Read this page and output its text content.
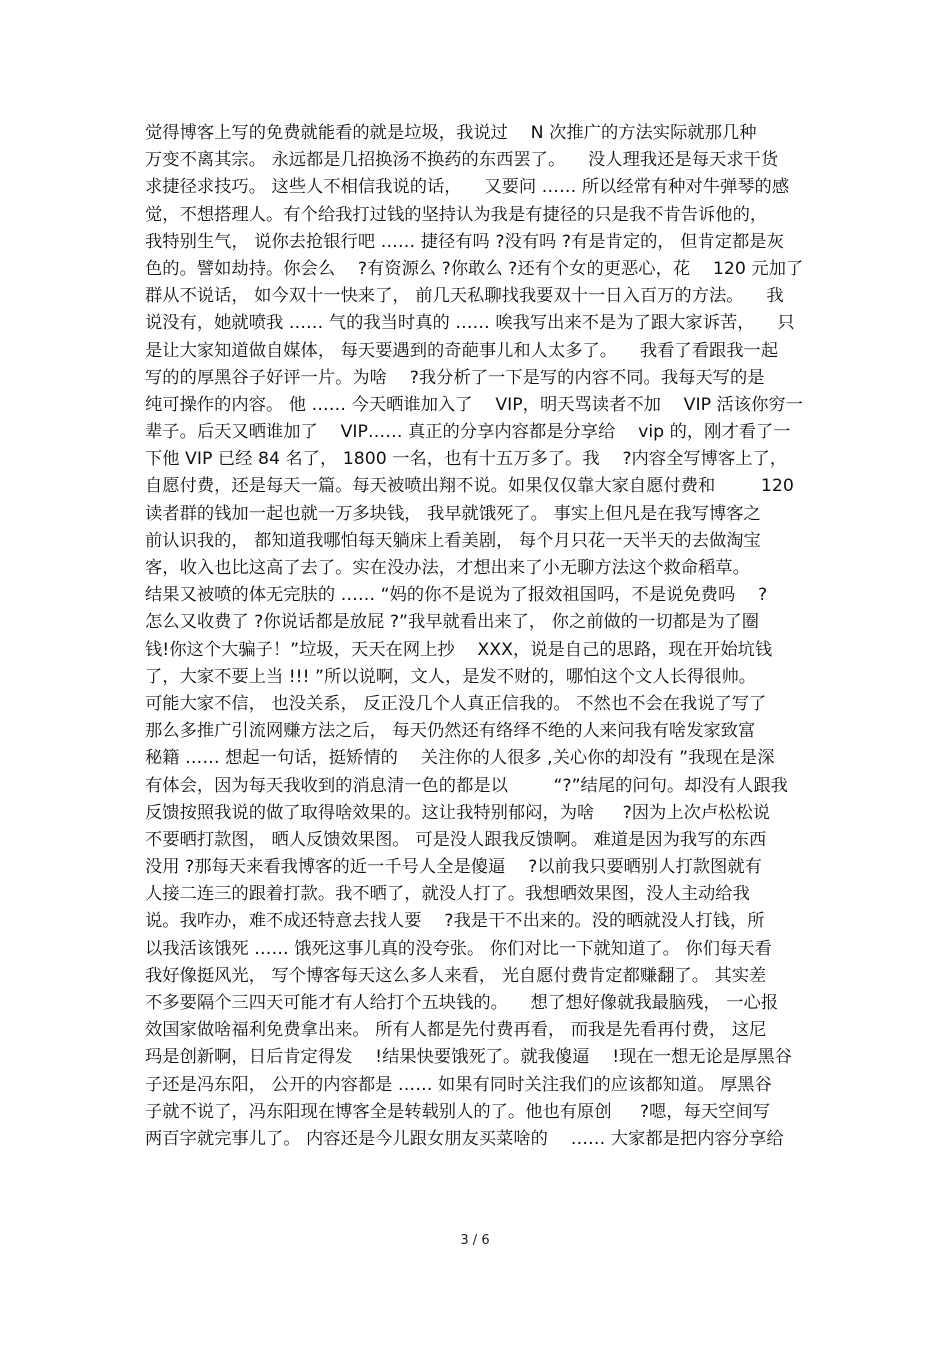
觉得博客上写的免费就能看的就是垃圾，我说过 　N 次推广的方法实际就那几种
万变不离其宗。 永远都是几招换汤不换药的东西罢了。 　没人理我还是每天求干货
求捷径求技巧。 这些人不相信我说的话， 　又要问 …… 所以经常有种对牛弹琴的感
觉，不想搭理人。有个给我打过钱的坚持认为我是有捷径的只是我不肯告诉他的，
我特别生气， 说你去抢银行吧 …… 捷径有吗 ?没有吗 ?有是肯定的， 但肯定都是灰
色的。譬如劫持。你会么 　?有资源么 ?你敢么 ?还有个女的更恶心，花 　120 元加了
群从不说话， 如今双十一快来了， 前几天私聊找我要双十一日入百万的方法。 　我
说没有，她就喷我 …… 气的我当时真的 …… 唉我写出来不是为了跟大家诉苦， 　只
是让大家知道做自媒体， 每天要遇到的奇葩事儿和人太多了。 　我看了看跟我一起
写的的厚黑谷子好评一片。为啥 　?我分析了一下是写的内容不同。我每天写的是
纯可操作的内容。 他 …… 今天晒谁加入了 　VIP，明天骂读者不加 　VIP 活该你穷一
辈子。后天又晒谁加了 　VIP…… 真正的分享内容都是分享给 　vip 的，刚才看了一
下他 VIP 已经 84 名了， 1800 一名，也有十五万多了。我 　?内容全写博客上了，
自愿付费，还是每天一篇。每天被喷出翔不说。如果仅仅靠大家自愿付费和 　 　120
读者群的钱加一起也就一万多块钱， 我早就饿死了。 事实上但凡是在我写博客之
前认识我的， 都知道我哪怕每天躺床上看美剧， 每个月只花一天半天的去做淘宝
客，收入也比这高了去了。实在没办法，才想出来了小无聊方法这个救命稻草。
结果又被喷的体无完肤的 …… “妈的你不是说为了报效祖国吗，不是说免费吗 　?
怎么又收费了 ?你说话都是放屁 ?”我早就看出来了， 你之前做的一切都是为了圈
钱!你这个大骗子！”垃圾，天天在网上抄 　XXX，说是自己的思路，现在开始坑钱
了，大家不要上当 !!! ”所以说啊，文人，是发不财的，哪怕这个文人长得很帅。
可能大家不信， 也没关系， 反正没几个人真正信我的。 不然也不会在我说了写了
那么多推广引流网赚方法之后， 每天仍然还有络绎不绝的人来问我有啥发家致富
秘籍 …… 想起一句话，挺矫情的 　关注你的人很多 ,关心你的却没有 ”我现在是深
有体会，因为每天我收到的消息清一色的都是以 　 　“?”结尾的问句。却没有人跟我
反馈按照我说的做了取得啥效果的。这让我特别郁闷，为啥 　 ?因为上次卢松松说
不要晒打款图， 晒人反馈效果图。 可是没人跟我反馈啊。 难道是因为我写的东西
没用 ?那每天来看我博客的近一千号人全是傻逼 　?以前我只要晒别人打款图就有
人接二连三的跟着打款。我不晒了，就没人打了。我想晒效果图，没人主动给我
说。我咋办，难不成还特意去找人要 　?我是干不出来的。没的晒就没人打钱，所
以我活该饿死 …… 饿死这事儿真的没夸张。 你们对比一下就知道了。 你们每天看
我好像挺风光， 写个博客每天这么多人来看， 光自愿付费肯定都赚翻了。 其实差
不多要隔个三四天可能才有人给打个五块钱的。 　想了想好像就我最脑残， 一心报
效国家做啥福利免费拿出来。 所有人都是先付费再看， 而我是先看再付费， 这尼
玛是创新啊，日后肯定得发 　!结果快要饿死了。就我傻逼 　!现在一想无论是厚黑谷
子还是冯东阳， 公开的内容都是 …… 如果有同时关注我们的应该都知道。 厚黑谷
子就不说了，冯东阳现在博客全是转载别人的了。他也有原创 　 ?嗯，每天空间写
两百字就完事儿了。 内容还是今儿跟女朋友买菜啥的 　…… 大家都是把内容分享给
3 / 6
